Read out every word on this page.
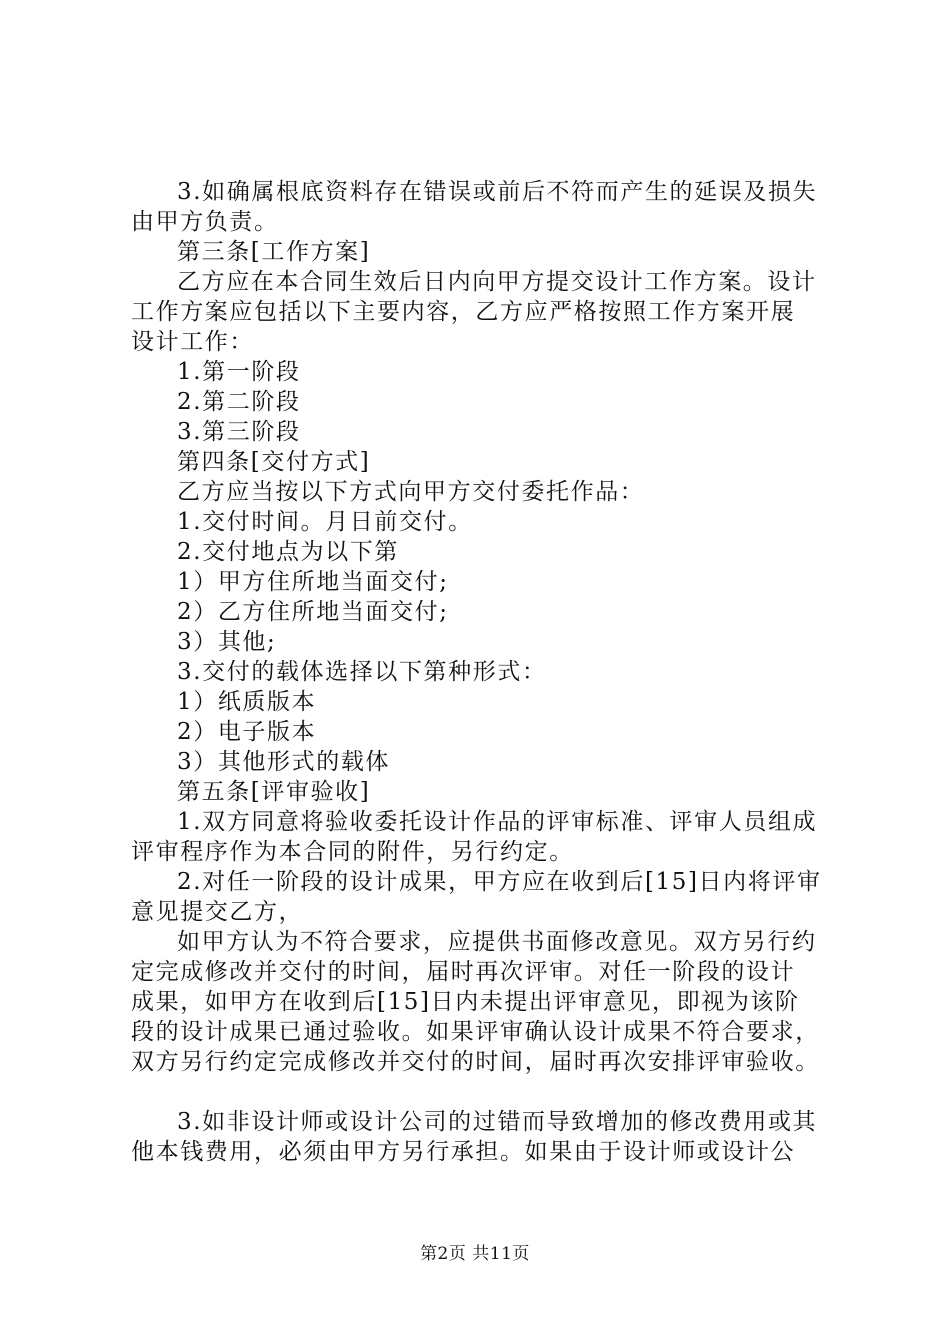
3.如确属根底资料存在错误或前后不符而产生的延误及损失
由甲方负责。
第三条[工作方案]
乙方应在本合同生效后日内向甲方提交设计工作方案。设计
工作方案应包括以下主要内容，乙方应严格按照工作方案开展
设计工作：
1.第一阶段
2.第二阶段
3.第三阶段
第四条[交付方式]
乙方应当按以下方式向甲方交付委托作品：
1.交付时间。月日前交付。
2.交付地点为以下第
1）甲方住所地当面交付;
2）乙方住所地当面交付;
3）其他;
3.交付的载体选择以下第种形式：
1）纸质版本
2）电子版本
3）其他形式的载体
第五条[评审验收]
1.双方同意将验收委托设计作品的评审标准、评审人员组成
评审程序作为本合同的附件，另行约定。
2.对任一阶段的设计成果，甲方应在收到后[15]日内将评审
意见提交乙方，
如甲方认为不符合要求，应提供书面修改意见。双方另行约
定完成修改并交付的时间，届时再次评审。对任一阶段的设计
成果，如甲方在收到后[15]日内未提出评审意见，即视为该阶
段的设计成果已通过验收。如果评审确认设计成果不符合要求，
双方另行约定完成修改并交付的时间，届时再次安排评审验收。
3.如非设计师或设计公司的过错而导致增加的修改费用或其
他本钱费用，必须由甲方另行承担。如果由于设计师或设计公
第2页 共11页
